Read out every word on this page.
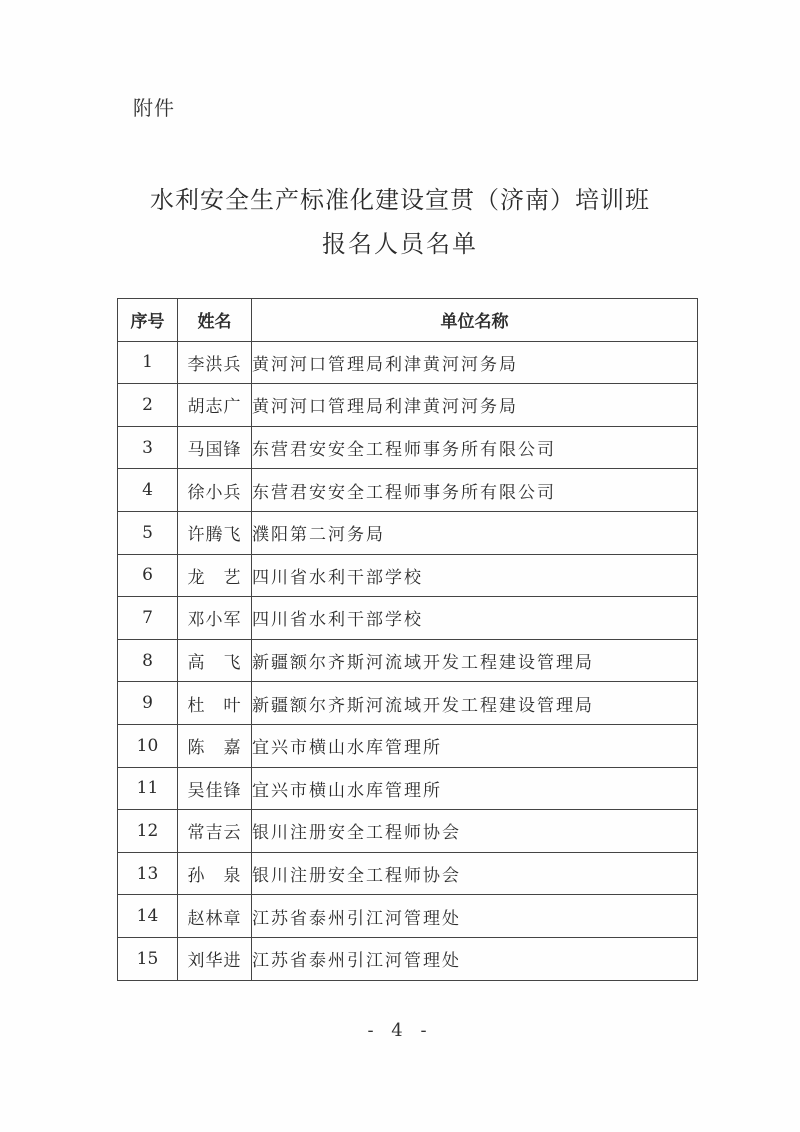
附件
水利安全生产标准化建设宣贯（济南）培训班
报名人员名单
序号	姓名	单位名称
1	李洪兵	黄河河口管理局利津黄河河务局
2	胡志广	黄河河口管理局利津黄河河务局
3	马国锋	东营君安安全工程师事务所有限公司
4	徐小兵	东营君安安全工程师事务所有限公司
5	许腾飞	濮阳第二河务局
6	龙　艺	四川省水利干部学校
7	邓小军	四川省水利干部学校
8	高　飞	新疆额尔齐斯河流域开发工程建设管理局
9	杜　叶	新疆额尔齐斯河流域开发工程建设管理局
10	陈　嘉	宜兴市横山水库管理所
11	吴佳锋	宜兴市横山水库管理所
12	常吉云	银川注册安全工程师协会
13	孙　泉	银川注册安全工程师协会
14	赵林章	江苏省泰州引江河管理处
15	刘华进	江苏省泰州引江河管理处
- 4 -
